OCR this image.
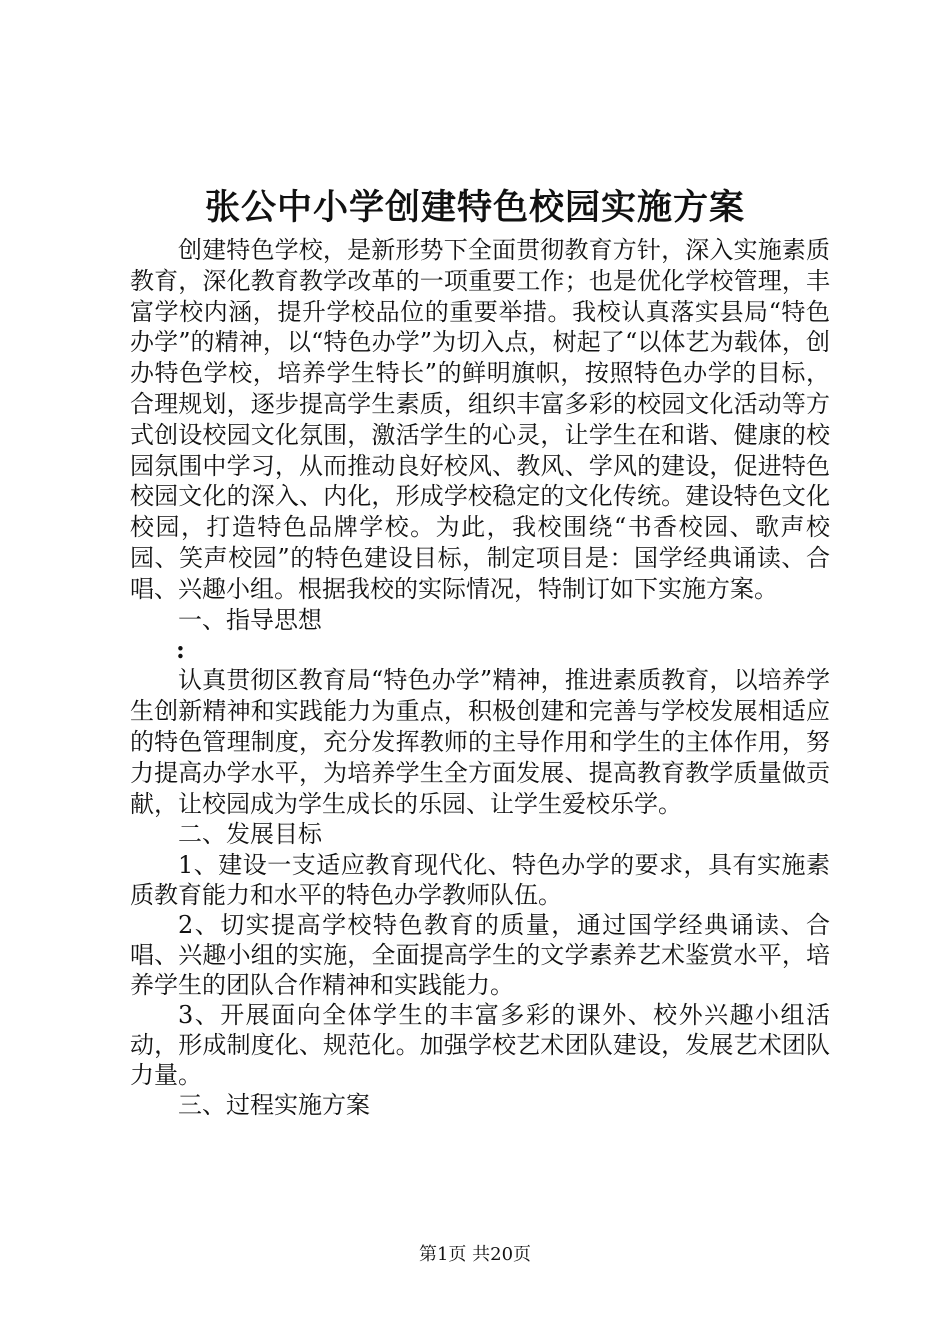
张公中小学创建特色校园实施方案

创建特色学校，是新形势下全面贯彻教育方针，深入实施素质教育，深化教育教学改革的一项重要工作；也是优化学校管理，丰富学校内涵，提升学校品位的重要举措。我校认真落实县局“特色办学”的精神，以“特色办学”为切入点，树起了“以体艺为载体，创办特色学校，培养学生特长”的鲜明旗帜，按照特色办学的目标，合理规划，逐步提高学生素质，组织丰富多彩的校园文化活动等方式创设校园文化氛围，激活学生的心灵，让学生在和谐、健康的校园氛围中学习，从而推动良好校风、教风、学风的建设，促进特色校园文化的深入、内化，形成学校稳定的文化传统。建设特色文化校园，打造特色品牌学校。为此，我校围绕“书香校园、歌声校园、笑声校园”的特色建设目标，制定项目是：国学经典诵读、合唱、兴趣小组。根据我校的实际情况，特制订如下实施方案。

一、指导思想

:

认真贯彻区教育局“特色办学”精神，推进素质教育，以培养学生创新精神和实践能力为重点，积极创建和完善与学校发展相适应的特色管理制度，充分发挥教师的主导作用和学生的主体作用，努力提高办学水平，为培养学生全方面发展、提高教育教学质量做贡献，让校园成为学生成长的乐园、让学生爱校乐学。

二、发展目标

1、建设一支适应教育现代化、特色办学的要求，具有实施素质教育能力和水平的特色办学教师队伍。

2、切实提高学校特色教育的质量，通过国学经典诵读、合唱、兴趣小组的实施，全面提高学生的文学素养艺术鉴赏水平，培养学生的团队合作精神和实践能力。

3、开展面向全体学生的丰富多彩的课外、校外兴趣小组活动，形成制度化、规范化。加强学校艺术团队建设，发展艺术团队力量。

三、过程实施方案

第1页 共20页
